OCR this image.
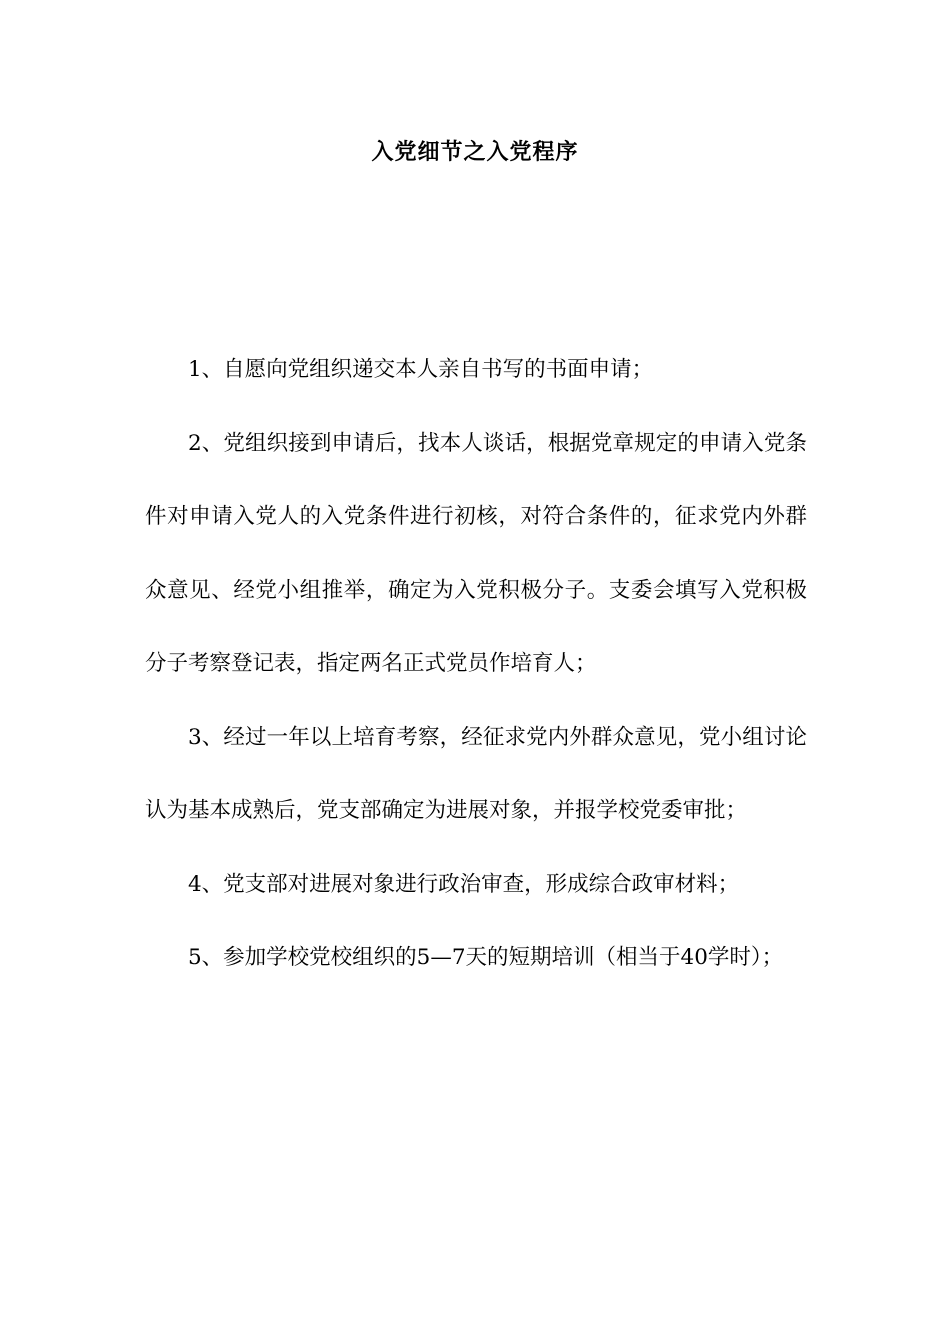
入党细节之入党程序

1、自愿向党组织递交本人亲自书写的书面申请；

2、党组织接到申请后，找本人谈话，根据党章规定的申请入党条件对申请入党人的入党条件进行初核，对符合条件的，征求党内外群众意见、经党小组推举，确定为入党积极分子。支委会填写入党积极分子考察登记表，指定两名正式党员作培育人；

3、经过一年以上培育考察，经征求党内外群众意见，党小组讨论认为基本成熟后，党支部确定为进展对象，并报学校党委审批；

4、党支部对进展对象进行政治审查，形成综合政审材料；

5、参加学校党校组织的5—7天的短期培训（相当于40学时）；
